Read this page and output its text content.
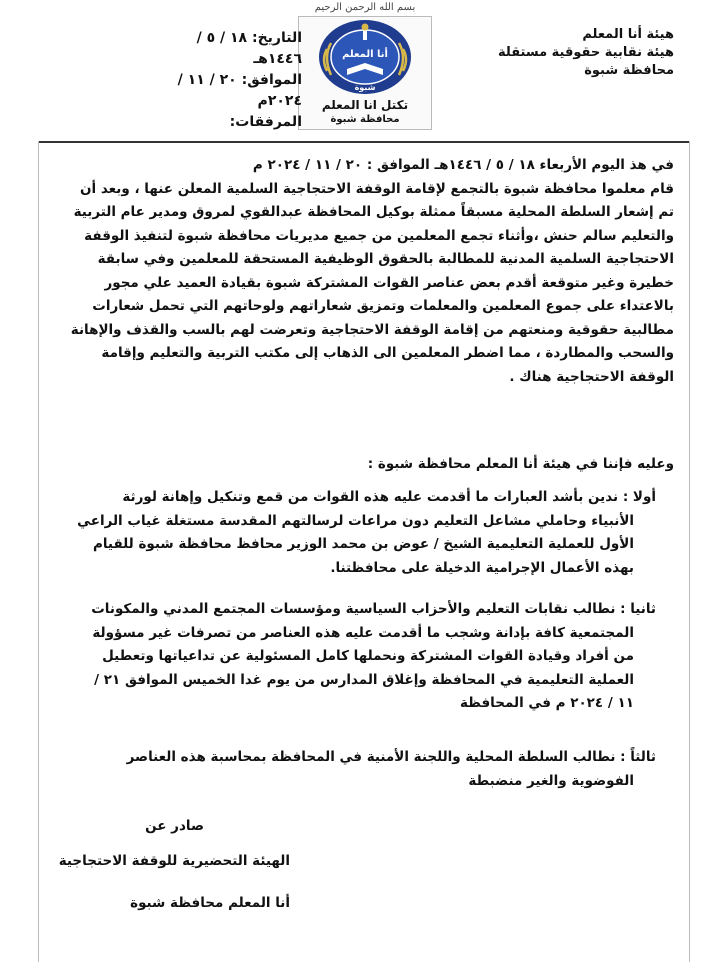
بسم الله الرحمن الرحيم
أنا المعلم
شبوة
تكتل انا المعلم
محافظة شبوة
هيئة أنا المعلم
هيئة نقابية حقوقية مستقلة
محافظة شبوة
التاريخ: ١٨ / ٥ / ١٤٤٦هـ
الموافق: ٢٠ / ١١ / ٢٠٢٤م
المرفقات:
في هذ اليوم الأربعاء ١٨ / ٥ / ١٤٤٦هـ الموافق : ٢٠ / ١١ / ٢٠٢٤ م
قام معلموا محافظة شبوة بالتجمع لإقامة الوقفة الاحتجاجية السلمية المعلن عنها ، وبعد أن
تم إشعار السلطة المحلية مسبقاً ممثلة بوكيل المحافظة عبدالقوي لمروق ومدير عام التربية
والتعليم سالم حنش ،وأثناء تجمع المعلمين من جميع مديريات محافظة شبوة لتنفيذ الوقفة
الاحتجاجية السلمية المدنية للمطالبة بالحقوق الوظيفية المستحقة للمعلمين وفي سابقة
خطيرة وغير متوقعة أقدم بعض عناصر القوات المشتركة شبوة بقيادة العميد علي مجور
بالاعتداء على جموع المعلمين والمعلمات وتمزيق شعاراتهم ولوحاتهم التي تحمل شعارات
مطالبية حقوقية ومنعتهم من إقامة الوقفة الاحتجاجية وتعرضت لهم بالسب والقذف والإهانة
والسحب والمطاردة ، مما اضطر المعلمين الى الذهاب إلى مكتب التربية والتعليم وإقامة
الوقفة الاحتجاجية هناك .
وعليه فإننا في هيئة أنا المعلم محافظة شبوة :
أولا : ندين بأشد العبارات ما أقدمت عليه هذه القوات من قمع وتنكيل وإهانة لورثة
الأنبياء وحاملي مشاعل التعليم دون مراعات لرسالتهم المقدسة مستغلة غياب الراعي
الأول للعملية التعليمية الشيخ / عوض بن محمد الوزير محافظ محافظة شبوة للقيام
بهذه الأعمال الإجرامية الدخيلة على محافظتنا.
ثانيا : نطالب نقابات التعليم والأحزاب السياسية ومؤسسات المجتمع المدني والمكونات
المجتمعية كافة بإدانة وشجب ما أقدمت عليه هذه العناصر من تصرفات غير مسؤولة
من أفراد وقيادة القوات المشتركة ونحملها كامل المسئولية عن تداعياتها وتعطيل
العملية التعليمية في المحافظة وإغلاق المدارس من يوم غدا الخميس الموافق ٢١ /
١١ / ٢٠٢٤ م في المحافظة
ثالثاً : نطالب السلطة المحلية واللجنة الأمنية في المحافظة بمحاسبة هذه العناصر
الفوضوية والغير منضبطة
صادر عن
الهيئة التحضيرية للوقفة الاحتجاجية
أنا المعلم محافظة شبوة
